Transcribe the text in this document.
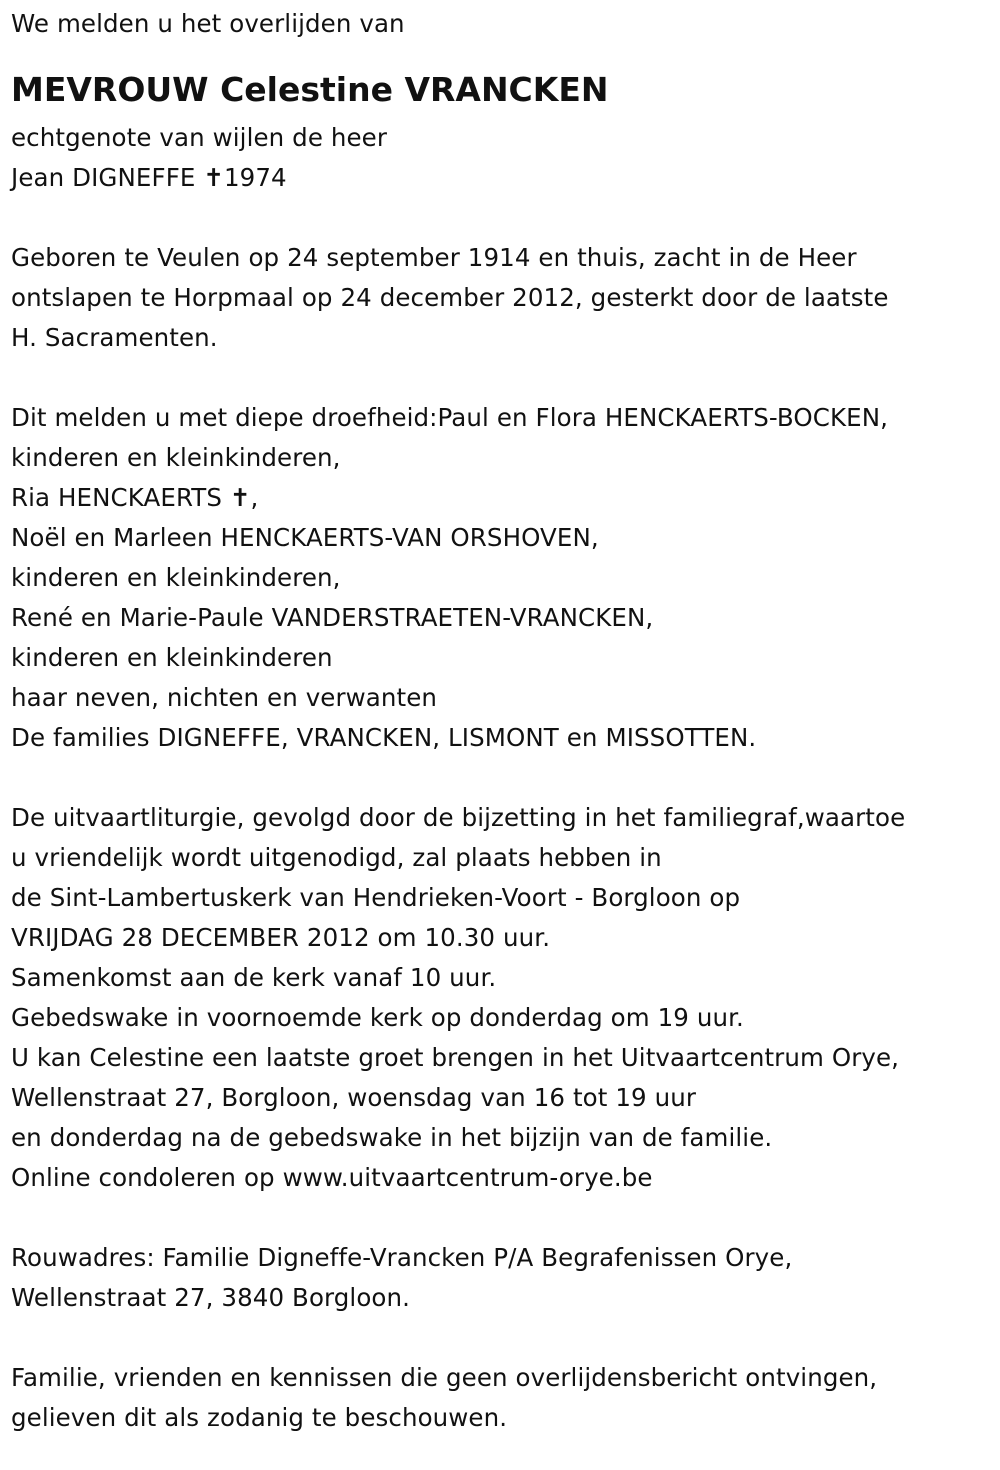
We melden u het overlijden van
MEVROUW Celestine VRANCKEN
echtgenote van wijlen de heer
Jean DIGNEFFE ✝1974
Geboren te Veulen op 24 september 1914 en thuis, zacht in de Heer
ontslapen te Horpmaal op 24 december 2012, gesterkt door de laatste
H. Sacramenten.
Dit melden u met diepe droefheid:Paul en Flora HENCKAERTS-BOCKEN,
kinderen en kleinkinderen,
Ria HENCKAERTS ✝,
Noël en Marleen HENCKAERTS-VAN ORSHOVEN,
kinderen en kleinkinderen,
René en Marie-Paule VANDERSTRAETEN-VRANCKEN,
kinderen en kleinkinderen
haar neven, nichten en verwanten
De families DIGNEFFE, VRANCKEN, LISMONT en MISSOTTEN.
De uitvaartliturgie, gevolgd door de bijzetting in het familiegraf,waartoe
u vriendelijk wordt uitgenodigd, zal plaats hebben in
de Sint-Lambertuskerk van Hendrieken-Voort - Borgloon op
VRIJDAG 28 DECEMBER 2012 om 10.30 uur.
Samenkomst aan de kerk vanaf 10 uur.
Gebedswake in voornoemde kerk op donderdag om 19 uur.
U kan Celestine een laatste groet brengen in het Uitvaartcentrum Orye,
Wellenstraat 27, Borgloon, woensdag van 16 tot 19 uur
en donderdag na de gebedswake in het bijzijn van de familie.
Online condoleren op www.uitvaartcentrum-orye.be
Rouwadres: Familie Digneffe-Vrancken P/A Begrafenissen Orye,
Wellenstraat 27, 3840 Borgloon.
Familie, vrienden en kennissen die geen overlijdensbericht ontvingen,
gelieven dit als zodanig te beschouwen.
